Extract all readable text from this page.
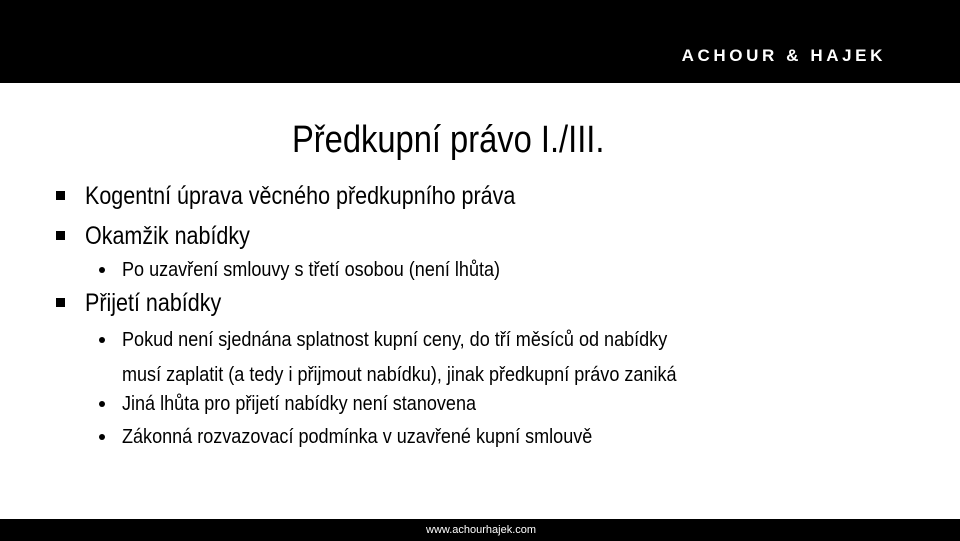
ACHOUR & HAJEK
Předkupní právo I./III.
Kogentní úprava věcného předkupního práva
Okamžik nabídky
Po uzavření smlouvy s třetí osobou (není lhůta)
Přijetí nabídky
Pokud není sjednána splatnost kupní ceny, do tří měsíců od nabídky
musí zaplatit (a tedy i přijmout nabídku), jinak předkupní právo zaniká
Jiná lhůta pro přijetí nabídky není stanovena
Zákonná rozvazovací podmínka v uzavřené kupní smlouvě
www.achourhajek.com
